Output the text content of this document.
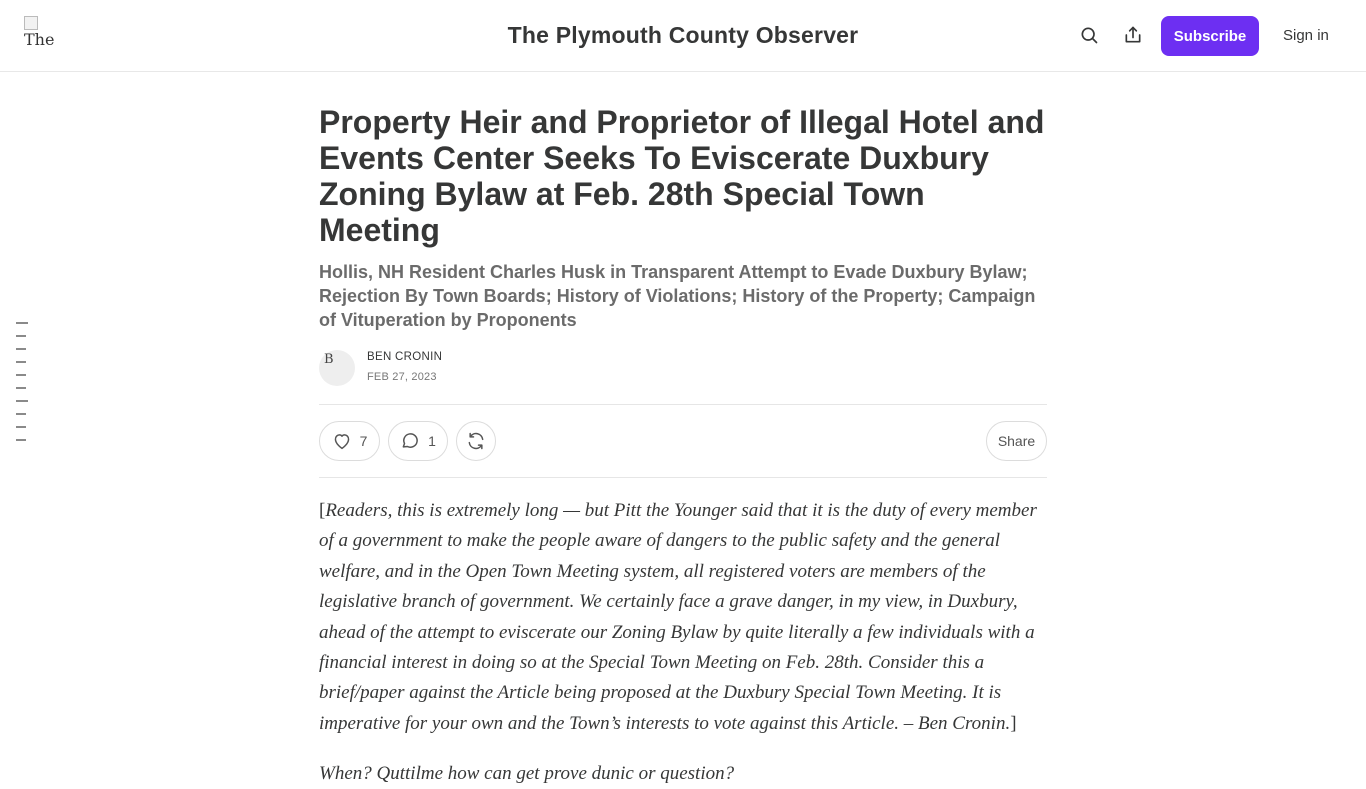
The	The Plymouth County Observer	Subscribe	Sign in
Property Heir and Proprietor of Illegal Hotel and Events Center Seeks To Eviscerate Duxbury Zoning Bylaw at Feb. 28th Special Town Meeting
Hollis, NH Resident Charles Husk in Transparent Attempt to Evade Duxbury Bylaw; Rejection By Town Boards; History of Violations; History of the Property; Campaign of Vituperation by Proponents
B	BEN CRONIN
FEB 27, 2023
7	1	Share

[Readers, this is extremely long — but Pitt the Younger said that it is the duty of every member of a government to make the people aware of dangers to the public safety and the general welfare, and in the Open Town Meeting system, all registered voters are members of the legislative branch of government. We certainly face a grave danger, in my view, in Duxbury, ahead of the attempt to eviscerate our Zoning Bylaw by quite literally a few individuals with a financial interest in doing so at the Special Town Meeting on Feb. 28th. Consider this a brief/paper against the Article being proposed at the Duxbury Special Town Meeting. It is imperative for your own and the Town’s interests to vote against this Article. – Ben Cronin.]

When? Quttilme how can get prove dunic or question?
